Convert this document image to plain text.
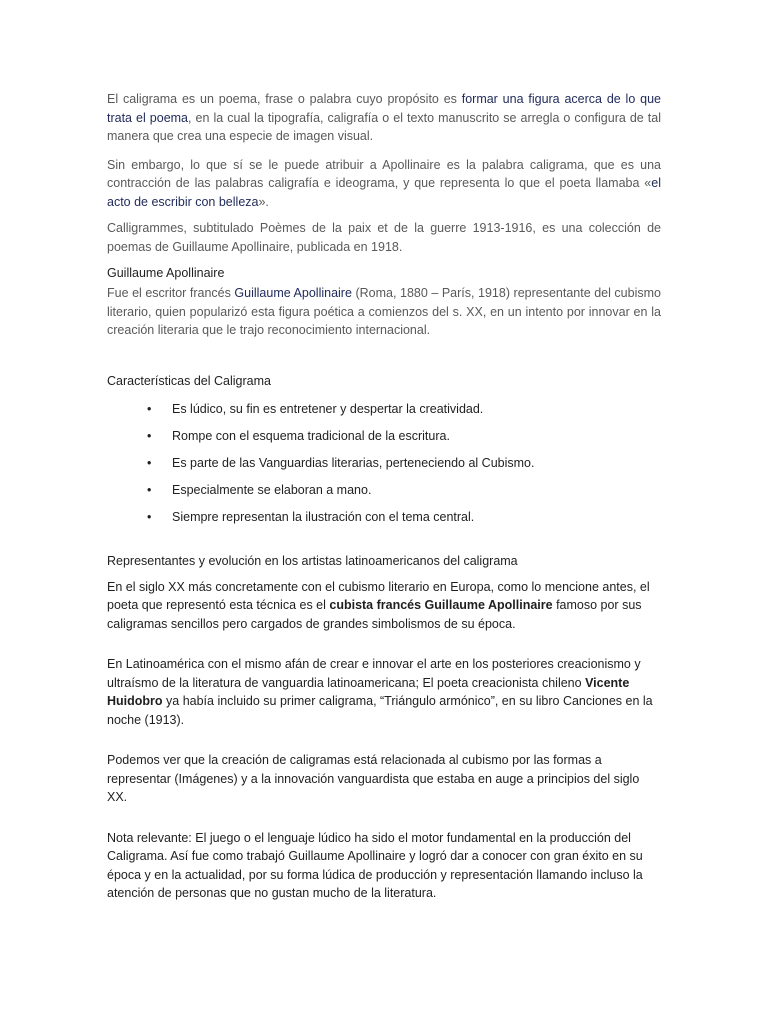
El caligrama es un poema, frase o palabra cuyo propósito es formar una figura acerca de lo que trata el poema, en la cual la tipografía, caligrafía o el texto manuscrito se arregla o configura de tal manera que crea una especie de imagen visual.

Sin embargo, lo que sí se le puede atribuir a Apollinaire es la palabra caligrama, que es una contracción de las palabras caligrafía e ideograma, y que representa lo que el poeta llamaba «el acto de escribir con belleza».

Calligrammes, subtitulado Poèmes de la paix et de la guerre 1913-1916, es una colección de poemas de Guillaume Apollinaire, publicada en 1918.

Guillaume Apollinaire

Fue el escritor francés Guillaume Apollinaire (Roma, 1880 – París, 1918) representante del cubismo literario, quien popularizó esta figura poética a comienzos del s. XX, en un intento por innovar en la creación literaria que le trajo reconocimiento internacional.

Características del Caligrama
• Es lúdico, su fin es entretener y despertar la creatividad.
• Rompe con el esquema tradicional de la escritura.
• Es parte de las Vanguardias literarias, perteneciendo al Cubismo.
• Especialmente se elaboran a mano.
• Siempre representan la ilustración con el tema central.
Representantes y evolución en los artistas latinoamericanos del caligrama

En el siglo XX más concretamente con el cubismo literario en Europa, como lo mencione antes, el poeta que representó esta técnica es el cubista francés Guillaume Apollinaire famoso por sus caligramas sencillos pero cargados de grandes simbolismos de su época.

En Latinoamérica con el mismo afán de crear e innovar el arte en los posteriores creacionismo y ultraísmo de la literatura de vanguardia latinoamericana; El poeta creacionista chileno Vicente Huidobro ya había incluido su primer caligrama, “Triángulo armónico”, en su libro Canciones en la noche (1913).

Podemos ver que la creación de caligramas está relacionada al cubismo por las formas a representar (Imágenes) y a la innovación vanguardista que estaba en auge a principios del siglo XX.

Nota relevante: El juego o el lenguaje lúdico ha sido el motor fundamental en la producción del Caligrama. Así fue como trabajó Guillaume Apollinaire y logró dar a conocer con gran éxito en su época y en la actualidad, por su forma lúdica de producción y representación llamando incluso la atención de personas que no gustan mucho de la literatura.
